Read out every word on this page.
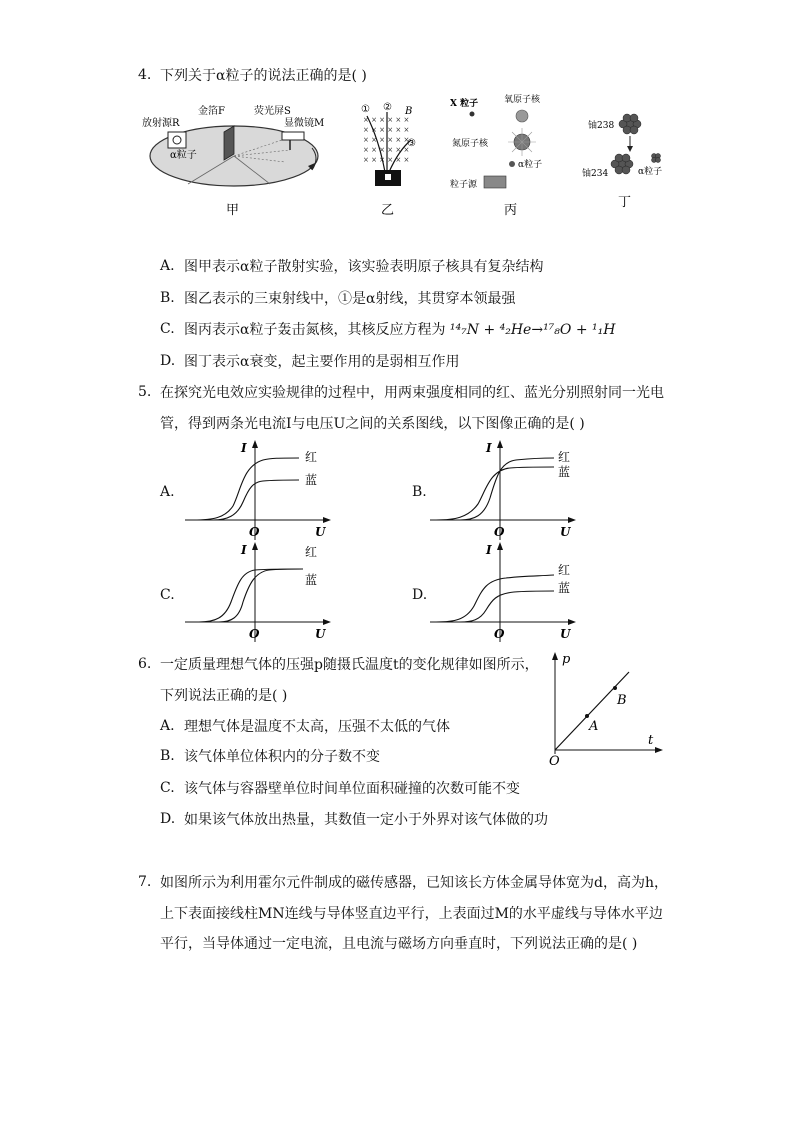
4. 下列关于α粒子的说法正确的是( )
放射源R
金箔F	荧光屏S
显微镜M
α粒子
甲
× × × × × ×
× × × × × ×
× × × × × ×
× × × × × ×
× × × × × ×
① ② B
③
乙
X 粒子	氧原子核
氮原子核
α粒子
粒子源
丙
铀238
铀234	α粒子
丁
A. 图甲表示α粒子散射实验，该实验表明原子核具有复杂结构
B. 图乙表示的三束射线中，①是α射线，其贯穿本领最强
C. 图丙表示α粒子轰击氮核，其核反应方程为 ¹⁴₇N + ⁴₂He→¹⁷₈O + ¹₁H
D. 图丁表示α衰变，起主要作用的是弱相互作用
5. 在探究光电效应实验规律的过程中，用两束强度相同的红、蓝光分别照射同一光电
管，得到两条光电流I与电压U之间的关系图线，以下图像正确的是( )
A.
红
蓝
I
U
O
B.
红
蓝
I
U
O
C.
红
蓝
I
U
O
D.
红
蓝
I
U
O
6. 一定质量理想气体的压强p随摄氏温度t的变化规律如图所示，
下列说法正确的是( )
p
t
O
A
B
A. 理想气体是温度不太高，压强不太低的气体
B. 该气体单位体积内的分子数不变
C. 该气体与容器壁单位时间单位面积碰撞的次数可能不变
D. 如果该气体放出热量，其数值一定小于外界对该气体做的功
7. 如图所示为利用霍尔元件制成的磁传感器，已知该长方体金属导体宽为d，高为h，
上下表面接线柱MN连线与导体竖直边平行，上表面过M的水平虚线与导体水平边
平行，当导体通过一定电流，且电流与磁场方向垂直时，下列说法正确的是( )
